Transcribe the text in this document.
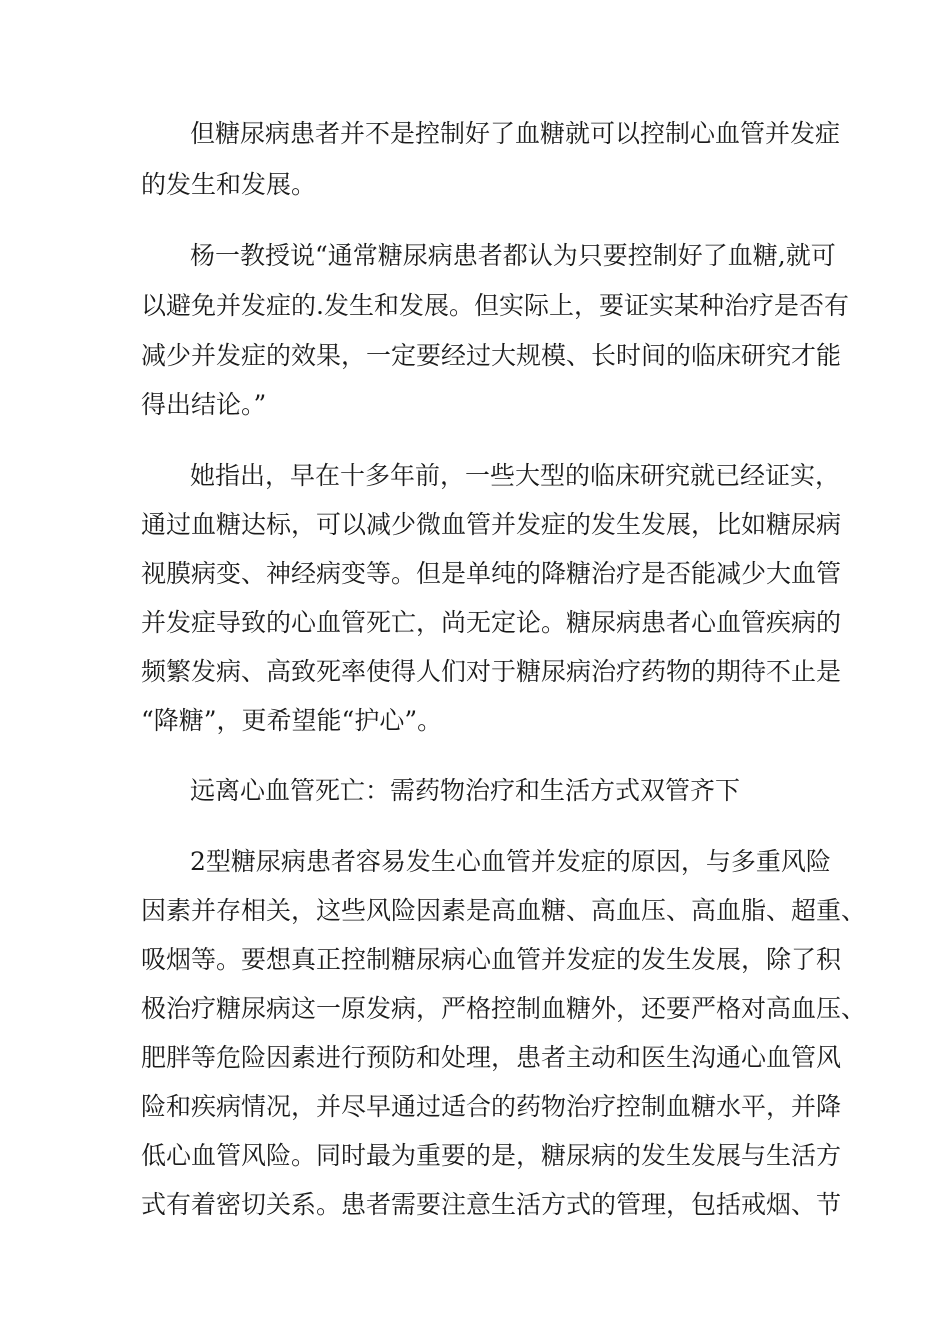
但糖尿病患者并不是控制好了血糖就可以控制心血管并发症
的发生和发展。
杨一教授说“通常糖尿病患者都认为只要控制好了血糖,就可
以避免并发症的.发生和发展。但实际上，要证实某种治疗是否有
减少并发症的效果，一定要经过大规模、长时间的临床研究才能
得出结论。”
她指出，早在十多年前，一些大型的临床研究就已经证实，
通过血糖达标，可以减少微血管并发症的发生发展，比如糖尿病
视膜病变、神经病变等。但是单纯的降糖治疗是否能减少大血管
并发症导致的心血管死亡，尚无定论。糖尿病患者心血管疾病的
频繁发病、高致死率使得人们对于糖尿病治疗药物的期待不止是
“降糖”，更希望能“护心”。
远离心血管死亡：需药物治疗和生活方式双管齐下
2型糖尿病患者容易发生心血管并发症的原因，与多重风险
因素并存相关，这些风险因素是高血糖、高血压、高血脂、超重、
吸烟等。要想真正控制糖尿病心血管并发症的发生发展，除了积
极治疗糖尿病这一原发病，严格控制血糖外，还要严格对高血压、
肥胖等危险因素进行预防和处理，患者主动和医生沟通心血管风
险和疾病情况，并尽早通过适合的药物治疗控制血糖水平，并降
低心血管风险。同时最为重要的是，糖尿病的发生发展与生活方
式有着密切关系。患者需要注意生活方式的管理，包括戒烟、节
